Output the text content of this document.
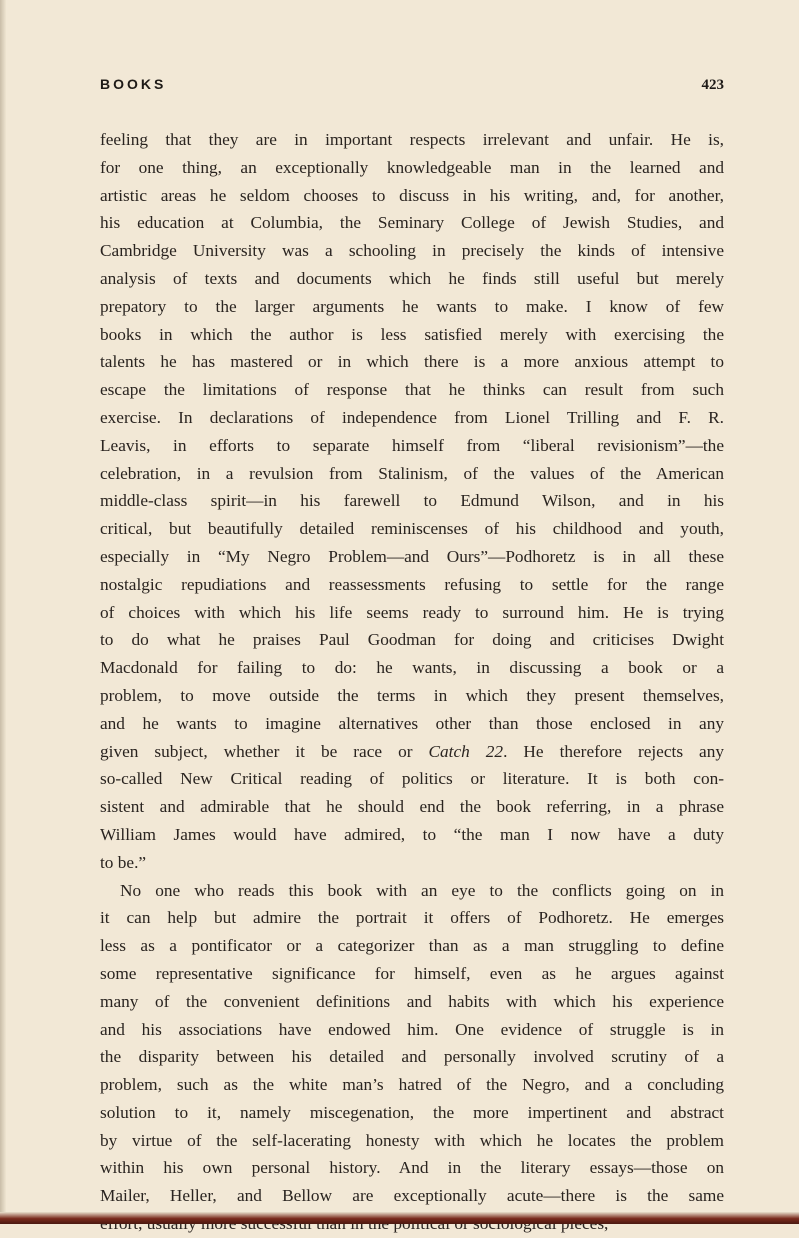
BOOKS	423
feeling that they are in important respects irrelevant and unfair. He is,
for one thing, an exceptionally knowledgeable man in the learned and
artistic areas he seldom chooses to discuss in his writing, and, for another,
his education at Columbia, the Seminary College of Jewish Studies, and
Cambridge University was a schooling in precisely the kinds of intensive
analysis of texts and documents which he finds still useful but merely
prepatory to the larger arguments he wants to make. I know of few
books in which the author is less satisfied merely with exercising the
talents he has mastered or in which there is a more anxious attempt to
escape the limitations of response that he thinks can result from such
exercise. In declarations of independence from Lionel Trilling and F. R.
Leavis, in efforts to separate himself from “liberal revisionism”—the
celebration, in a revulsion from Stalinism, of the values of the American
middle-class spirit—in his farewell to Edmund Wilson, and in his
critical, but beautifully detailed reminiscenses of his childhood and youth,
especially in “My Negro Problem—and Ours”—Podhoretz is in all these
nostalgic repudiations and reassessments refusing to settle for the range
of choices with which his life seems ready to surround him. He is trying
to do what he praises Paul Goodman for doing and criticises Dwight
Macdonald for failing to do: he wants, in discussing a book or a
problem, to move outside the terms in which they present themselves,
and he wants to imagine alternatives other than those enclosed in any
given subject, whether it be race or Catch 22. He therefore rejects any
so-called New Critical reading of politics or literature. It is both con-
sistent and admirable that he should end the book referring, in a phrase
William James would have admired, to “the man I now have a duty
to be.”
No one who reads this book with an eye to the conflicts going on in
it can help but admire the portrait it offers of Podhoretz. He emerges
less as a pontificator or a categorizer than as a man struggling to define
some representative significance for himself, even as he argues against
many of the convenient definitions and habits with which his experience
and his associations have endowed him. One evidence of struggle is in
the disparity between his detailed and personally involved scrutiny of a
problem, such as the white man’s hatred of the Negro, and a concluding
solution to it, namely miscegenation, the more impertinent and abstract
by virtue of the self-lacerating honesty with which he locates the problem
within his own personal history. And in the literary essays—those on
Mailer, Heller, and Bellow are exceptionally acute—there is the same
